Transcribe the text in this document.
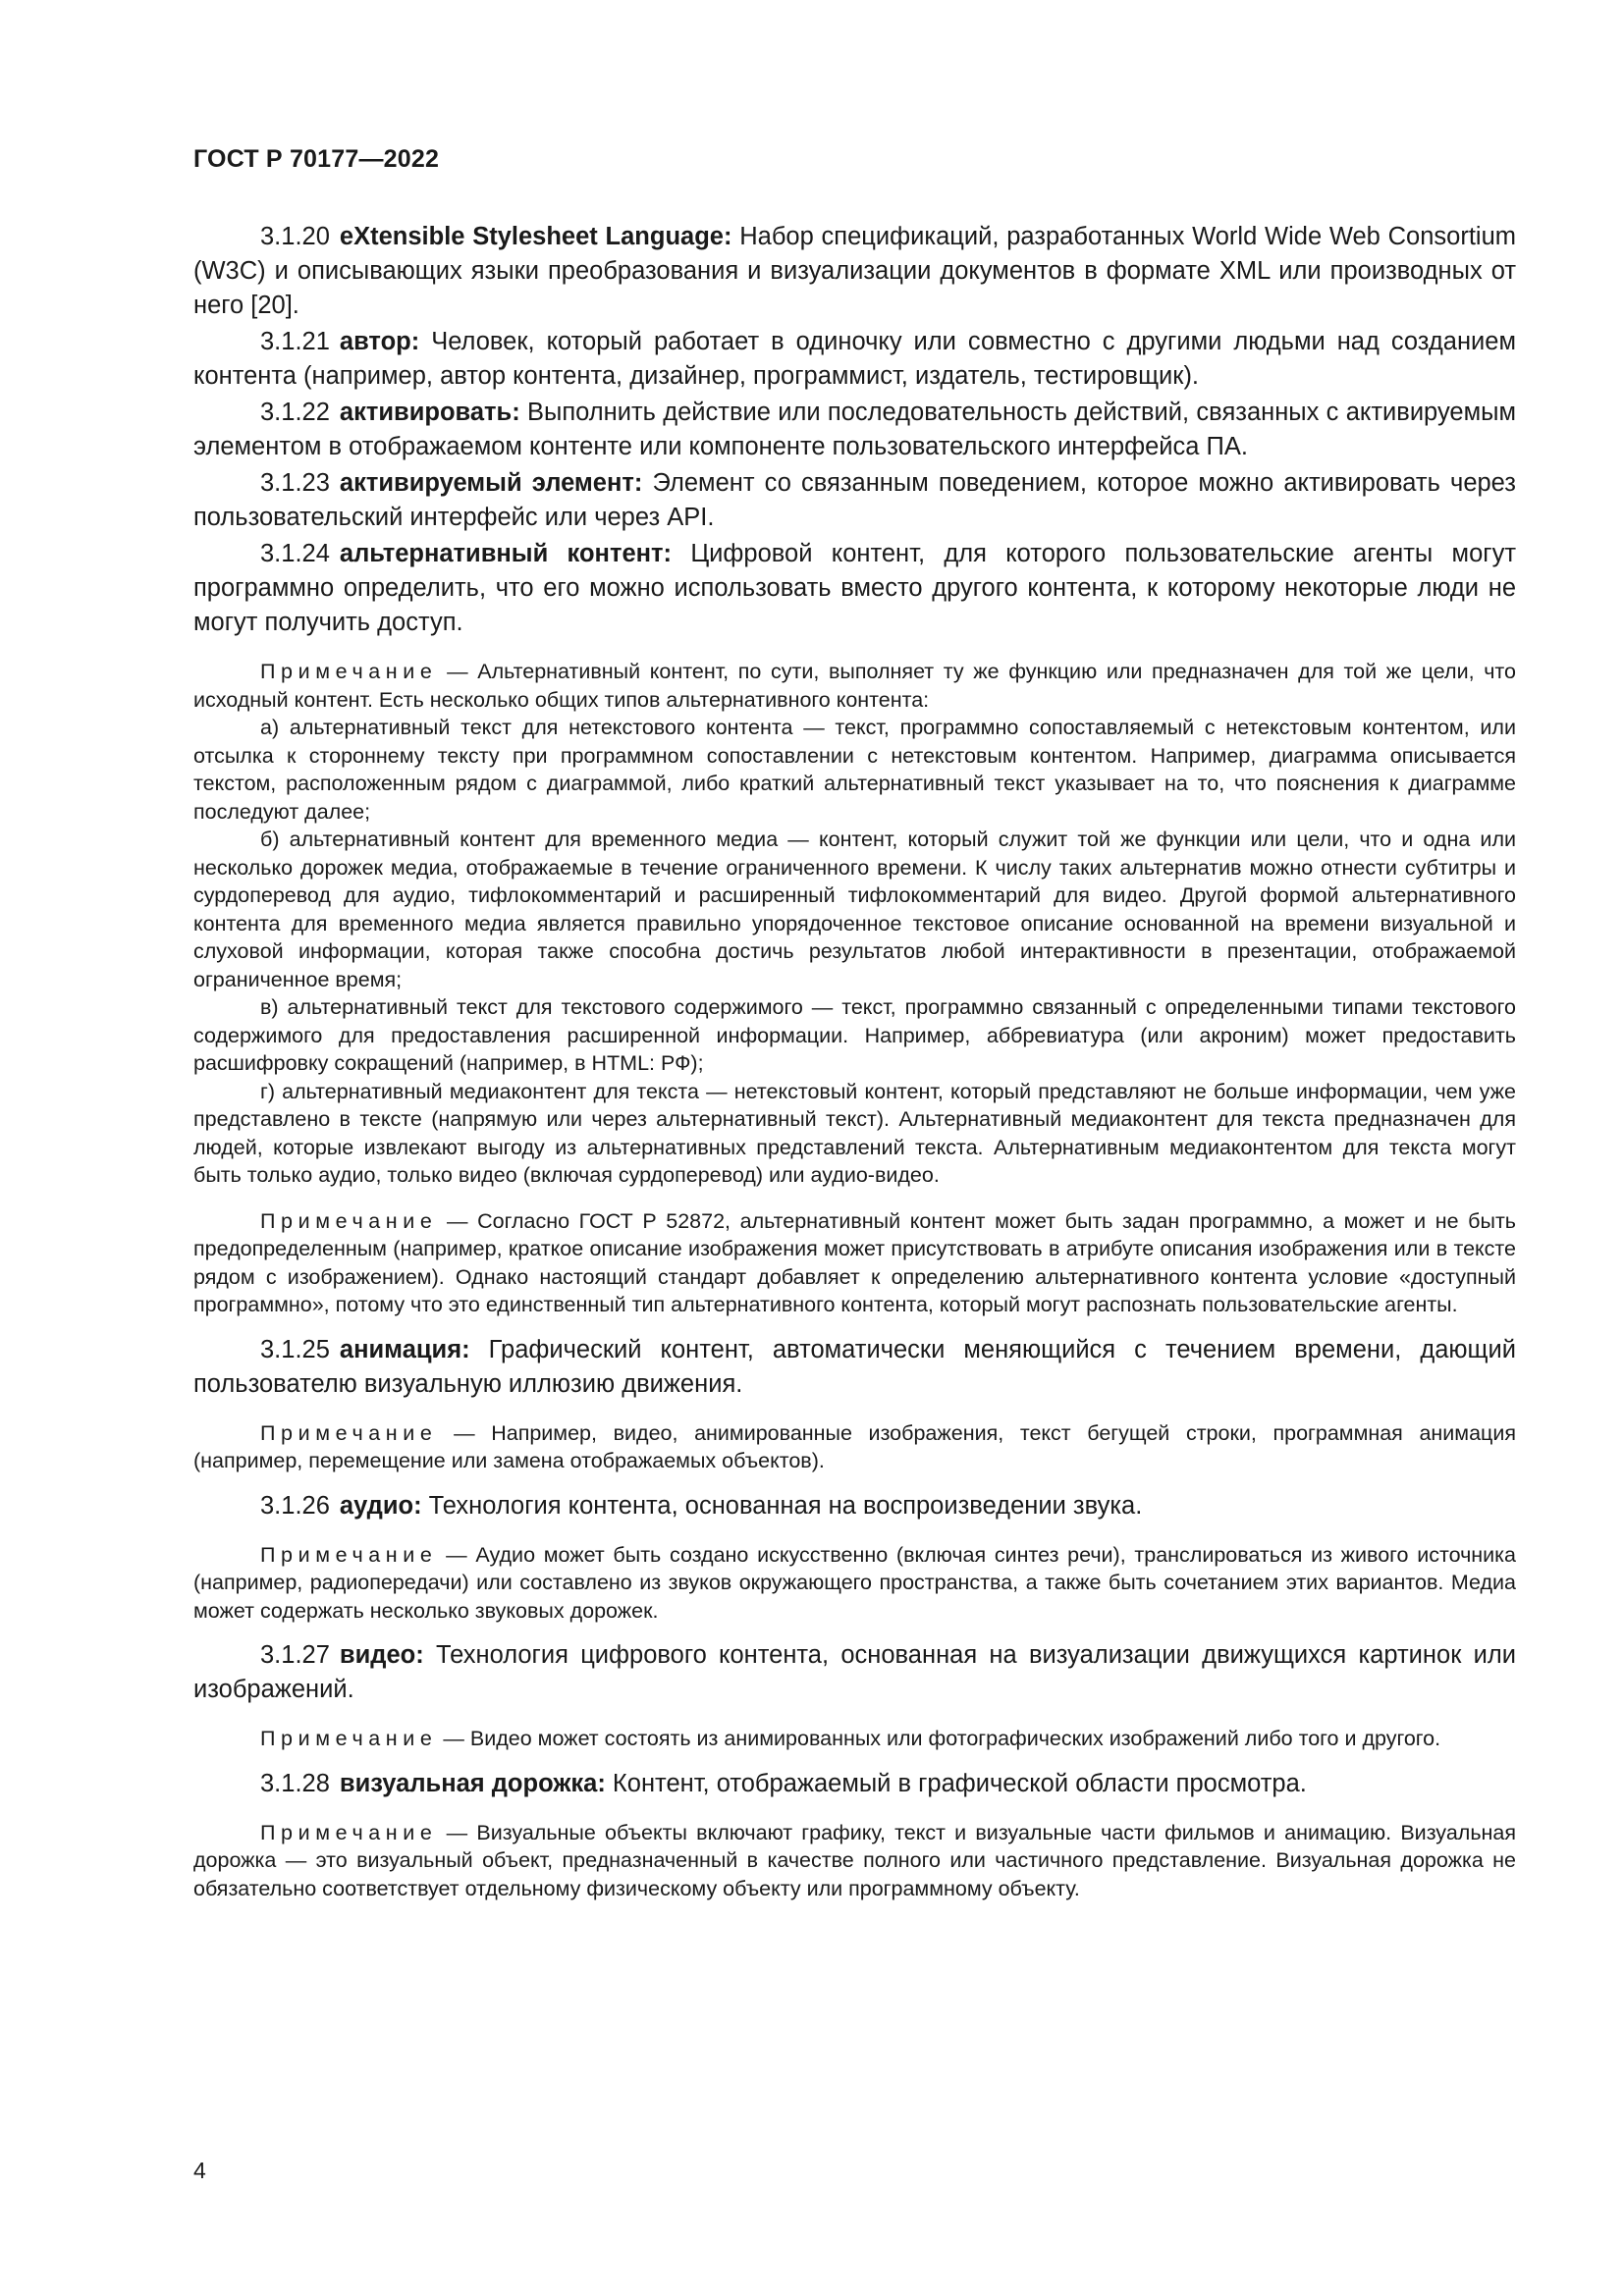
ГОСТ Р 70177—2022

3.1.20 eXtensible Stylesheet Language: Набор спецификаций, разработанных World Wide Web Consortium (W3C) и описывающих языки преобразования и визуализации документов в формате XML или производных от него [20].

3.1.21 автор: Человек, который работает в одиночку или совместно с другими людьми над созданием контента (например, автор контента, дизайнер, программист, издатель, тестировщик).

3.1.22 активировать: Выполнить действие или последовательность действий, связанных с активируемым элементом в отображаемом контенте или компоненте пользовательского интерфейса ПА.

3.1.23 активируемый элемент: Элемент со связанным поведением, которое можно активировать через пользовательский интерфейс или через API.

3.1.24 альтернативный контент: Цифровой контент, для которого пользовательские агенты могут программно определить, что его можно использовать вместо другого контента, к которому некоторые люди не могут получить доступ.

Примечание — Альтернативный контент, по сути, выполняет ту же функцию или предназначен для той же цели, что исходный контент. Есть несколько общих типов альтернативного контента:

а) альтернативный текст для нетекстового контента — текст, программно сопоставляемый с нетекстовым контентом, или отсылка к стороннему тексту при программном сопоставлении с нетекстовым контентом. Например, диаграмма описывается текстом, расположенным рядом с диаграммой, либо краткий альтернативный текст указывает на то, что пояснения к диаграмме последуют далее;

б) альтернативный контент для временного медиа — контент, который служит той же функции или цели, что и одна или несколько дорожек медиа, отображаемые в течение ограниченного времени. К числу таких альтернатив можно отнести субтитры и сурдоперевод для аудио, тифлокомментарий и расширенный тифлокомментарий для видео. Другой формой альтернативного контента для временного медиа является правильно упорядоченное текстовое описание основанной на времени визуальной и слуховой информации, которая также способна достичь результатов любой интерактивности в презентации, отображаемой ограниченное время;

в) альтернативный текст для текстового содержимого — текст, программно связанный с определенными типами текстового содержимого для предоставления расширенной информации. Например, аббревиатура (или акроним) может предоставить расшифровку сокращений (например, в HTML: РФ);

г) альтернативный медиаконтент для текста — нетекстовый контент, который представляют не больше информации, чем уже представлено в тексте (напрямую или через альтернативный текст). Альтернативный медиаконтент для текста предназначен для людей, которые извлекают выгоду из альтернативных представлений текста. Альтернативным медиаконтентом для текста могут быть только аудио, только видео (включая сурдоперевод) или аудио-видео.

Примечание — Согласно ГОСТ Р 52872, альтернативный контент может быть задан программно, а может и не быть предопределенным (например, краткое описание изображения может присутствовать в атрибуте описания изображения или в тексте рядом с изображением). Однако настоящий стандарт добавляет к определению альтернативного контента условие «доступный программно», потому что это единственный тип альтернативного контента, который могут распознать пользовательские агенты.

3.1.25 анимация: Графический контент, автоматически меняющийся с течением времени, дающий пользователю визуальную иллюзию движения.

Примечание — Например, видео, анимированные изображения, текст бегущей строки, программная анимация (например, перемещение или замена отображаемых объектов).

3.1.26 аудио: Технология контента, основанная на воспроизведении звука.

Примечание — Аудио может быть создано искусственно (включая синтез речи), транслироваться из живого источника (например, радиопередачи) или составлено из звуков окружающего пространства, а также быть сочетанием этих вариантов. Медиа может содержать несколько звуковых дорожек.

3.1.27 видео: Технология цифрового контента, основанная на визуализации движущихся картинок или изображений.

Примечание — Видео может состоять из анимированных или фотографических изображений либо того и другого.

3.1.28 визуальная дорожка: Контент, отображаемый в графической области просмотра.

Примечание — Визуальные объекты включают графику, текст и визуальные части фильмов и анимацию. Визуальная дорожка — это визуальный объект, предназначенный в качестве полного или частичного представление. Визуальная дорожка не обязательно соответствует отдельному физическому объекту или программному объекту.

4
